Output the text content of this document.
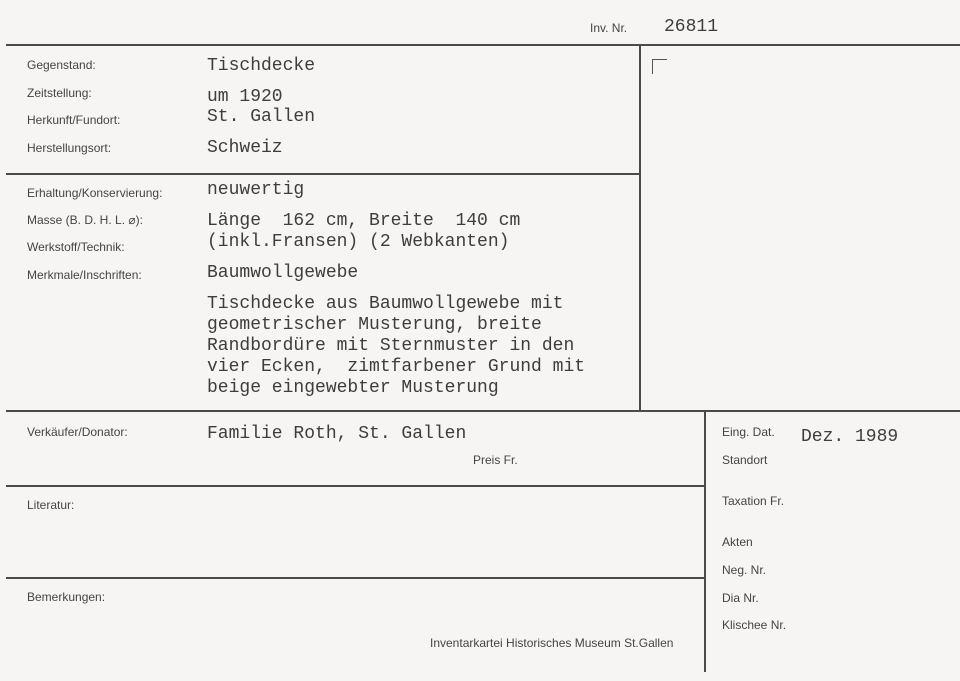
Inv. Nr. 26811
Gegenstand:
Zeitstellung:
Herkunft/Fundort:
Herstellungsort:
Tischdecke
um 1920
St. Gallen
Schweiz
Erhaltung/Konservierung:
Masse (B. D. H. L. ⌀):
Werkstoff/Technik:
Merkmale/Inschriften:
neuwertig
Länge  162 cm, Breite  140 cm
(inkl.Fransen) (2 Webkanten)
Baumwollgewebe
Tischdecke aus Baumwollgewebe mit
geometrischer Musterung, breite
Randbordüre mit Sternmuster in den
vier Ecken,  zimtfarbener Grund mit
beige eingewebter Musterung
Verkäufer/Donator:	Familie Roth, St. Gallen
Preis Fr.
Eing. Dat. Dez. 1989
Standort
Taxation Fr.
Akten
Neg. Nr.
Dia Nr.
Klischee Nr.
Literatur:
Bemerkungen:
Inventarkartei Historisches Museum St.Gallen
